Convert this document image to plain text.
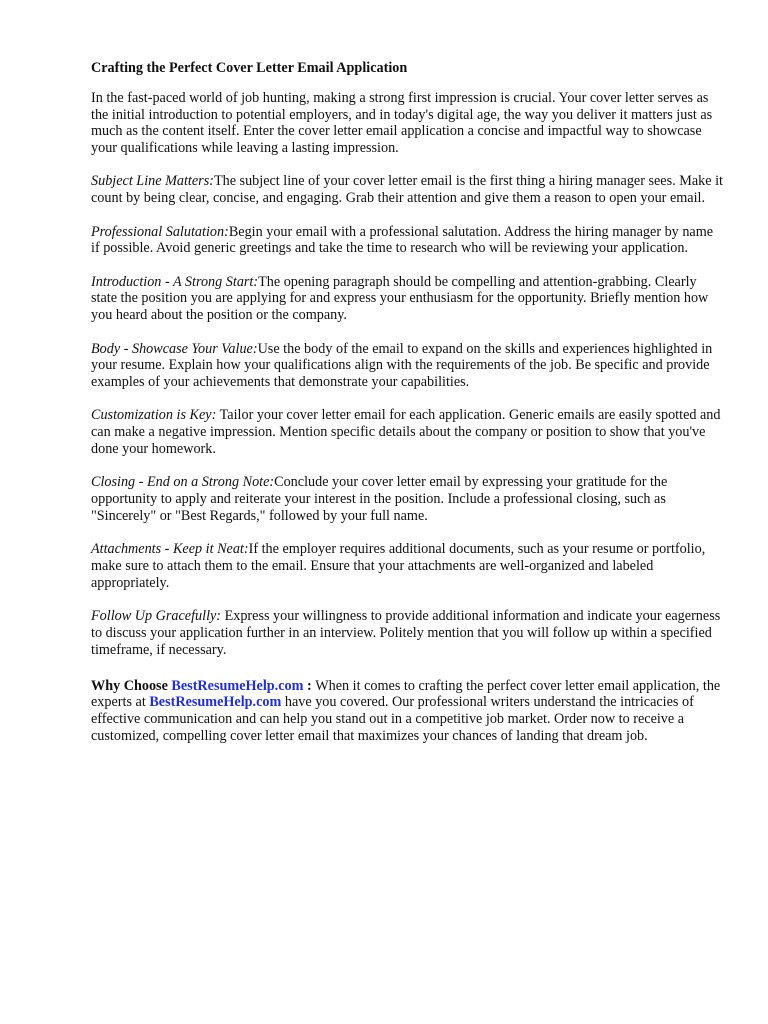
Crafting the Perfect Cover Letter Email Application
In the fast-paced world of job hunting, making a strong first impression is crucial. Your cover letter serves as the initial introduction to potential employers, and in today's digital age, the way you deliver it matters just as much as the content itself. Enter the cover letter email application a concise and impactful way to showcase your qualifications while leaving a lasting impression.
Subject Line Matters:The subject line of your cover letter email is the first thing a hiring manager sees. Make it count by being clear, concise, and engaging. Grab their attention and give them a reason to open your email.
Professional Salutation:Begin your email with a professional salutation. Address the hiring manager by name if possible. Avoid generic greetings and take the time to research who will be reviewing your application.
Introduction - A Strong Start:The opening paragraph should be compelling and attention-grabbing. Clearly state the position you are applying for and express your enthusiasm for the opportunity. Briefly mention how you heard about the position or the company.
Body - Showcase Your Value:Use the body of the email to expand on the skills and experiences highlighted in your resume. Explain how your qualifications align with the requirements of the job. Be specific and provide examples of your achievements that demonstrate your capabilities.
Customization is Key: Tailor your cover letter email for each application. Generic emails are easily spotted and can make a negative impression. Mention specific details about the company or position to show that you've done your homework.
Closing - End on a Strong Note:Conclude your cover letter email by expressing your gratitude for the opportunity to apply and reiterate your interest in the position. Include a professional closing, such as "Sincerely" or "Best Regards," followed by your full name.
Attachments - Keep it Neat:If the employer requires additional documents, such as your resume or portfolio, make sure to attach them to the email. Ensure that your attachments are well-organized and labeled appropriately.
Follow Up Gracefully: Express your willingness to provide additional information and indicate your eagerness to discuss your application further in an interview. Politely mention that you will follow up within a specified timeframe, if necessary.
Why Choose BestResumeHelp.com : When it comes to crafting the perfect cover letter email application, the experts at BestResumeHelp.com have you covered. Our professional writers understand the intricacies of effective communication and can help you stand out in a competitive job market. Order now to receive a customized, compelling cover letter email that maximizes your chances of landing that dream job.
